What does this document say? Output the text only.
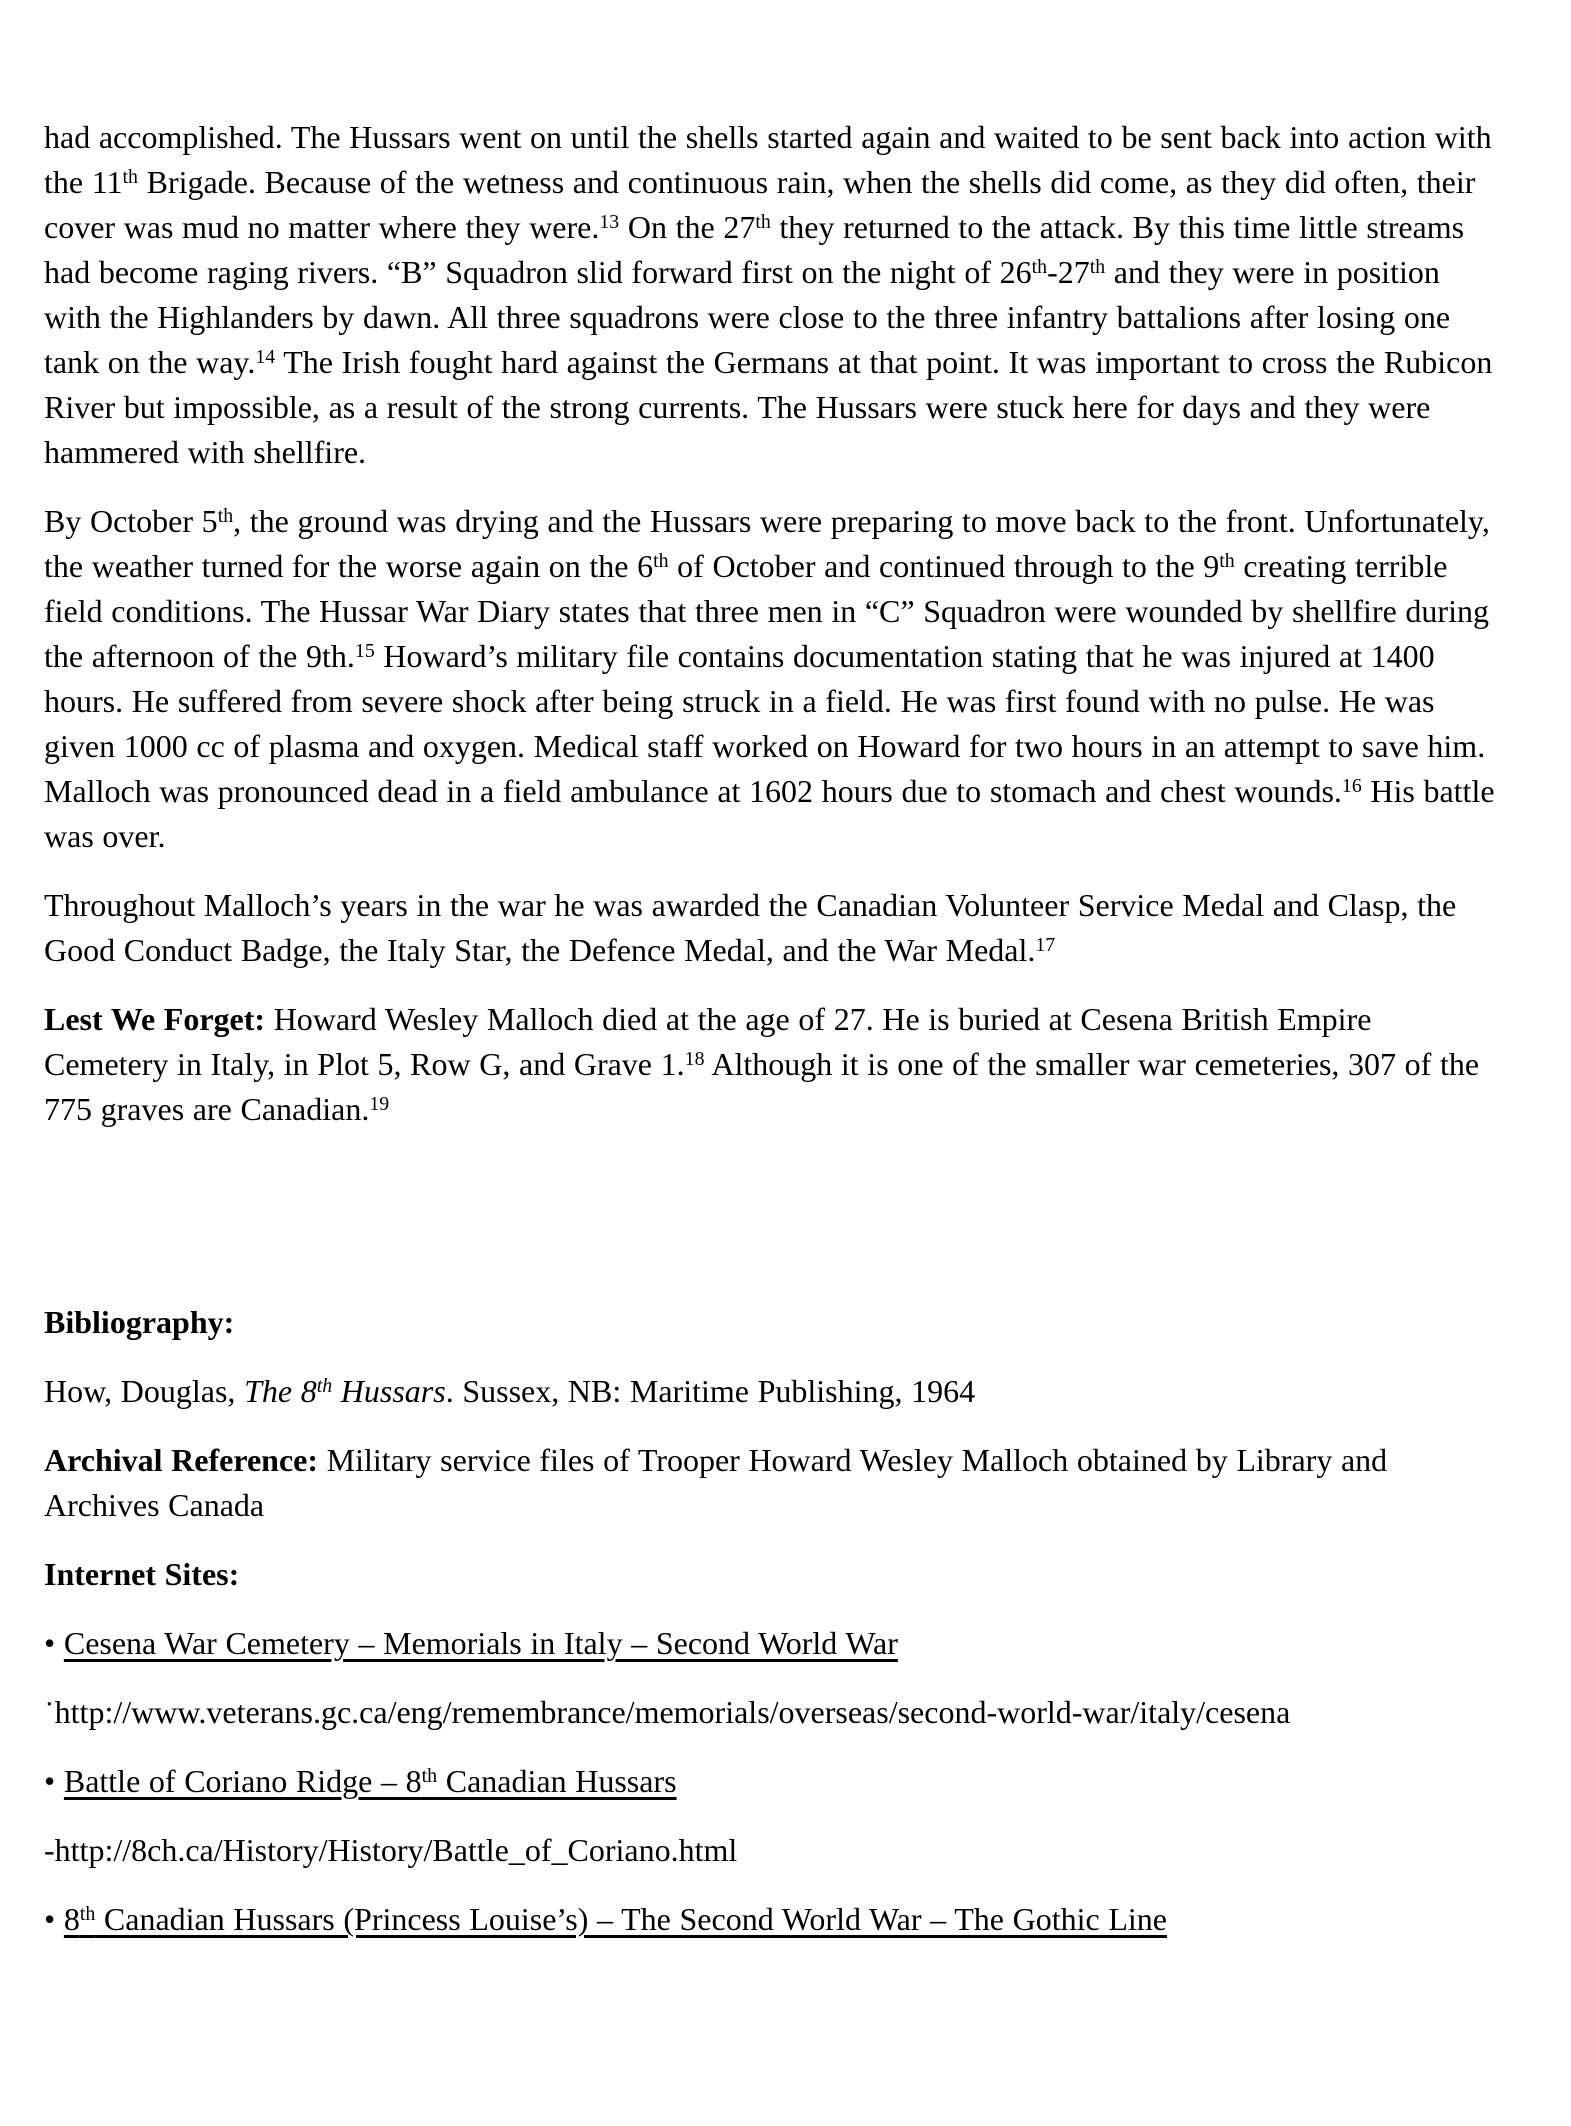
had accomplished. The Hussars went on until the shells started again and waited to be sent back into action with the 11th Brigade. Because of the wetness and continuous rain, when the shells did come, as they did often, their cover was mud no matter where they were.$^{13}$ On the 27th they returned to the attack. By this time little streams had become raging rivers. “B” Squadron slid forward first on the night of 26th-27th and they were in position with the Highlanders by dawn. All three squadrons were close to the three infantry battalions after losing one tank on the way.$^{14}$ The Irish fought hard against the Germans at that point. It was important to cross the Rubicon River but impossible, as a result of the strong currents. The Hussars were stuck here for days and they were hammered with shellfire.

By October 5th, the ground was drying and the Hussars were preparing to move back to the front. Unfortunately, the weather turned for the worse again on the 6th of October and continued through to the 9th creating terrible field conditions. The Hussar War Diary states that three men in “C” Squadron were wounded by shellfire during the afternoon of the 9th.$^{15}$ Howard’s military file contains documentation stating that he was injured at 1400 hours. He suffered from severe shock after being struck in a field. He was first found with no pulse. He was given 1000 cc of plasma and oxygen. Medical staff worked on Howard for two hours in an attempt to save him. Malloch was pronounced dead in a field ambulance at 1602 hours due to stomach and chest wounds.$^{16}$ His battle was over.

Throughout Malloch’s years in the war he was awarded the Canadian Volunteer Service Medal and Clasp, the Good Conduct Badge, the Italy Star, the Defence Medal, and the War Medal.$^{17}$

Lest We Forget: Howard Wesley Malloch died at the age of 27. He is buried at Cesena British Empire Cemetery in Italy, in Plot 5, Row G, and Grave 1.18 Although it is one of the smaller war cemeteries, 307 of the 775 graves are Canadian.$^{19}$

Bibliography:

How, Douglas, The 8th Hussars. Sussex, NB: Maritime Publishing, 1964

Archival Reference: Military service files of Trooper Howard Wesley Malloch obtained by Library and Archives Canada

Internet Sites:

• Cesena War Cemetery – Memorials in Italy – Second World War

˙http://www.veterans.gc.ca/eng/remembrance/memorials/overseas/second-world-war/italy/cesena

• Battle of Coriano Ridge – 8th Canadian Hussars

-http://8ch.ca/History/History/Battle_of_Coriano.html

• 8th Canadian Hussars (Princess Louise’s) – The Second World War – The Gothic Line
